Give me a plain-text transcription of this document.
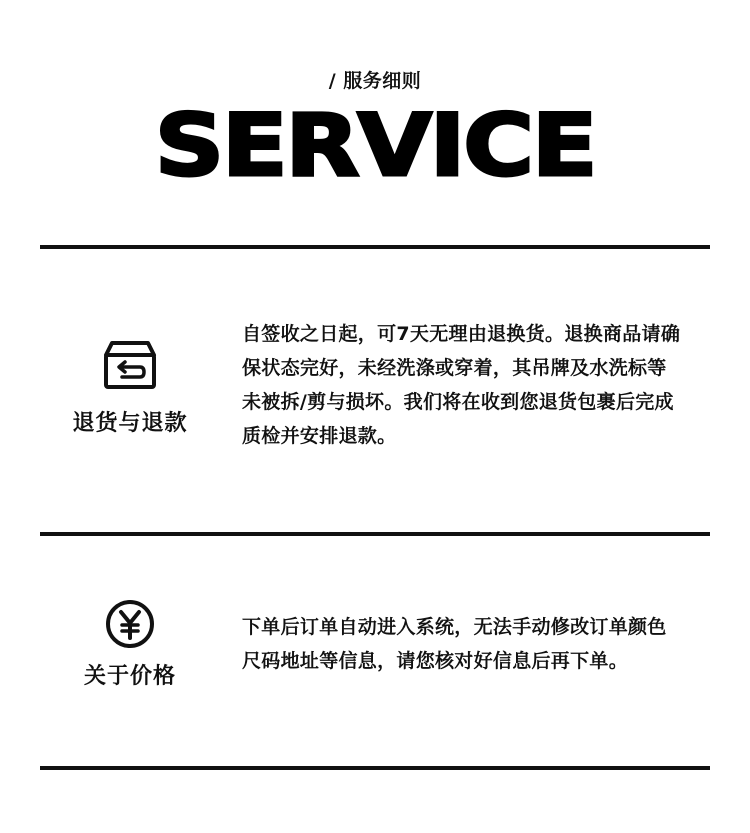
/ 服务细则
SERVICE
退货与退款
自签收之日起，可7天无理由退换货。退换商品请确保状态完好，未经洗涤或穿着，其吊牌及水洗标等未被拆/剪与损坏。我们将在收到您退货包裹后完成质检并安排退款。
关于价格
下单后订单自动进入系统，无法手动修改订单颜色尺码地址等信息，请您核对好信息后再下单。
